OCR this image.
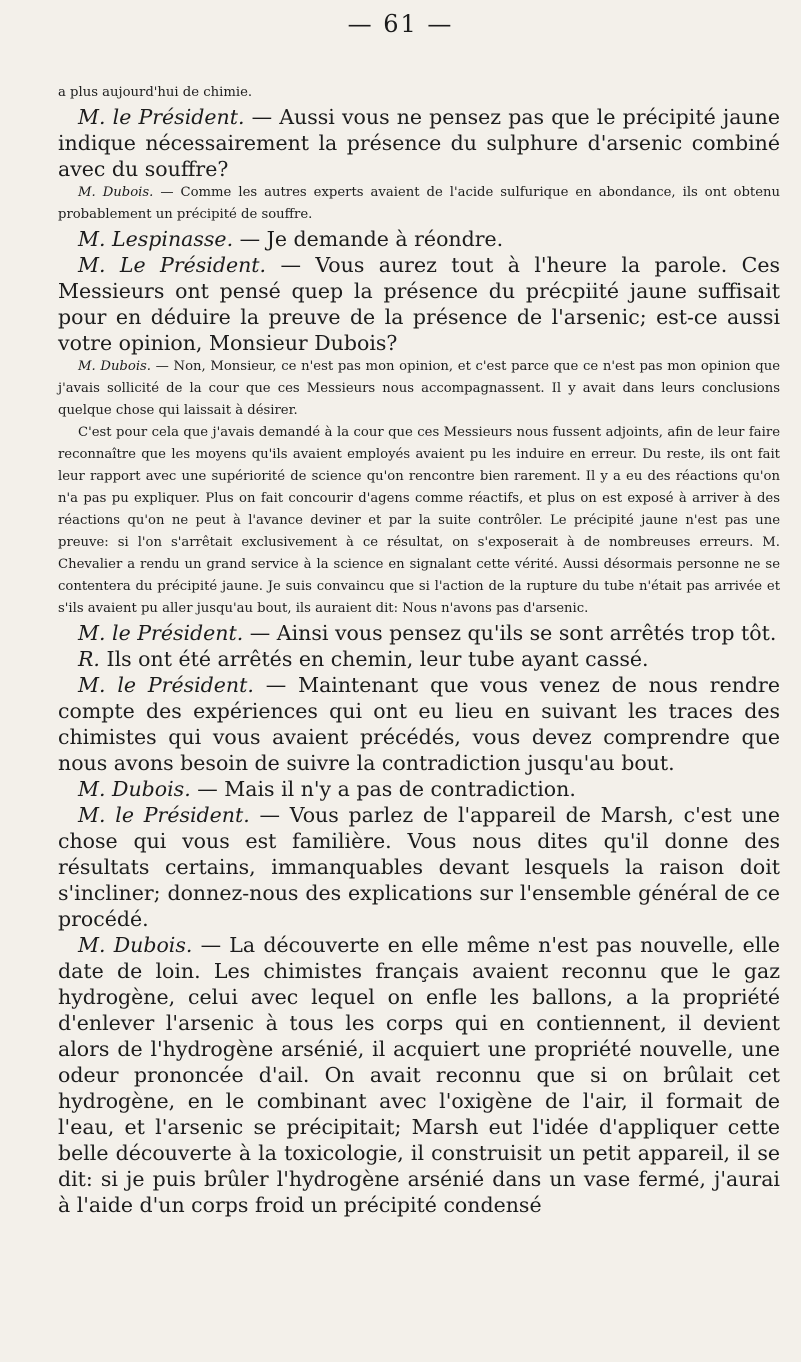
— 61 —

a plus aujourd'hui de chimie.

M. le Président. — Aussi vous ne pensez pas que le précipité jaune indique nécessairement la présence du sulphure d'arsenic combiné avec du souffre?

M. Dubois. — Comme les autres experts avaient de l'acide sulfurique en abondance, ils ont obtenu probablement un précipité de souffre.

M. Lespinasse. — Je demande à réondre.

M. Le Président. — Vous aurez tout à l'heure la parole. Ces Messieurs ont pensé quep la présence du précpiité jaune suffisait pour en déduire la preuve de la présence de l'arsenic; est-ce aussi votre opinion, Monsieur Dubois?

M. Dubois. — Non, Monsieur, ce n'est pas mon opinion, et c'est parce que ce n'est pas mon opinion que j'avais sollicité de la cour que ces Messieurs nous accompagnassent. Il y avait dans leurs conclusions quelque chose qui laissait à désirer.

C'est pour cela que j'avais demandé à la cour que ces Messieurs nous fussent adjoints, afin de leur faire reconnaître que les moyens qu'ils avaient employés avaient pu les induire en erreur. Du reste, ils ont fait leur rapport avec une supériorité de science qu'on rencontre bien rarement. Il y a eu des réactions qu'on n'a pas pu expliquer. Plus on fait concourir d'agens comme réactifs, et plus on est exposé à arriver à des réactions qu'on ne peut à l'avance deviner et par la suite contrôler. Le précipité jaune n'est pas une preuve: si l'on s'arrêtait exclusivement à ce résultat, on s'exposerait à de nombreuses erreurs. M. Chevalier a rendu un grand service à la science en signalant cette vérité. Aussi désormais personne ne se contentera du précipité jaune. Je suis convaincu que si l'action de la rupture du tube n'était pas arrivée et s'ils avaient pu aller jusqu'au bout, ils auraient dit: Nous n'avons pas d'arsenic.

M. le Président. — Ainsi vous pensez qu'ils se sont arrêtés trop tôt.

R. Ils ont été arrêtés en chemin, leur tube ayant cassé.

M. le Président. — Maintenant que vous venez de nous rendre compte des expériences qui ont eu lieu en suivant les traces des chimistes qui vous avaient précédés, vous devez comprendre que nous avons besoin de suivre la contradiction jusqu'au bout.

M. Dubois. — Mais il n'y a pas de contradiction.

M. le Président. — Vous parlez de l'appareil de Marsh, c'est une chose qui vous est familière. Vous nous dites qu'il donne des résultats certains, immanquables devant lesquels la raison doit s'incliner; donnez-nous des explications sur l'ensemble général de ce procédé.

M. Dubois. — La découverte en elle même n'est pas nouvelle, elle date de loin. Les chimistes français avaient reconnu que le gaz hydrogène, celui avec lequel on enfle les ballons, a la propriété d'enlever l'arsenic à tous les corps qui en contiennent, il devient alors de l'hydrogène arsénié, il acquiert une propriété nouvelle, une odeur prononcée d'ail. On avait reconnu que si on brûlait cet hydrogène, en le combinant avec l'oxigène de l'air, il formait de l'eau, et l'arsenic se précipitait; Marsh eut l'idée d'appliquer cette belle découverte à la toxicologie, il construisit un petit appareil, il se dit: si je puis brûler l'hydrogène arsénié dans un vase fermé, j'aurai à l'aide d'un corps froid un précipité condensé
